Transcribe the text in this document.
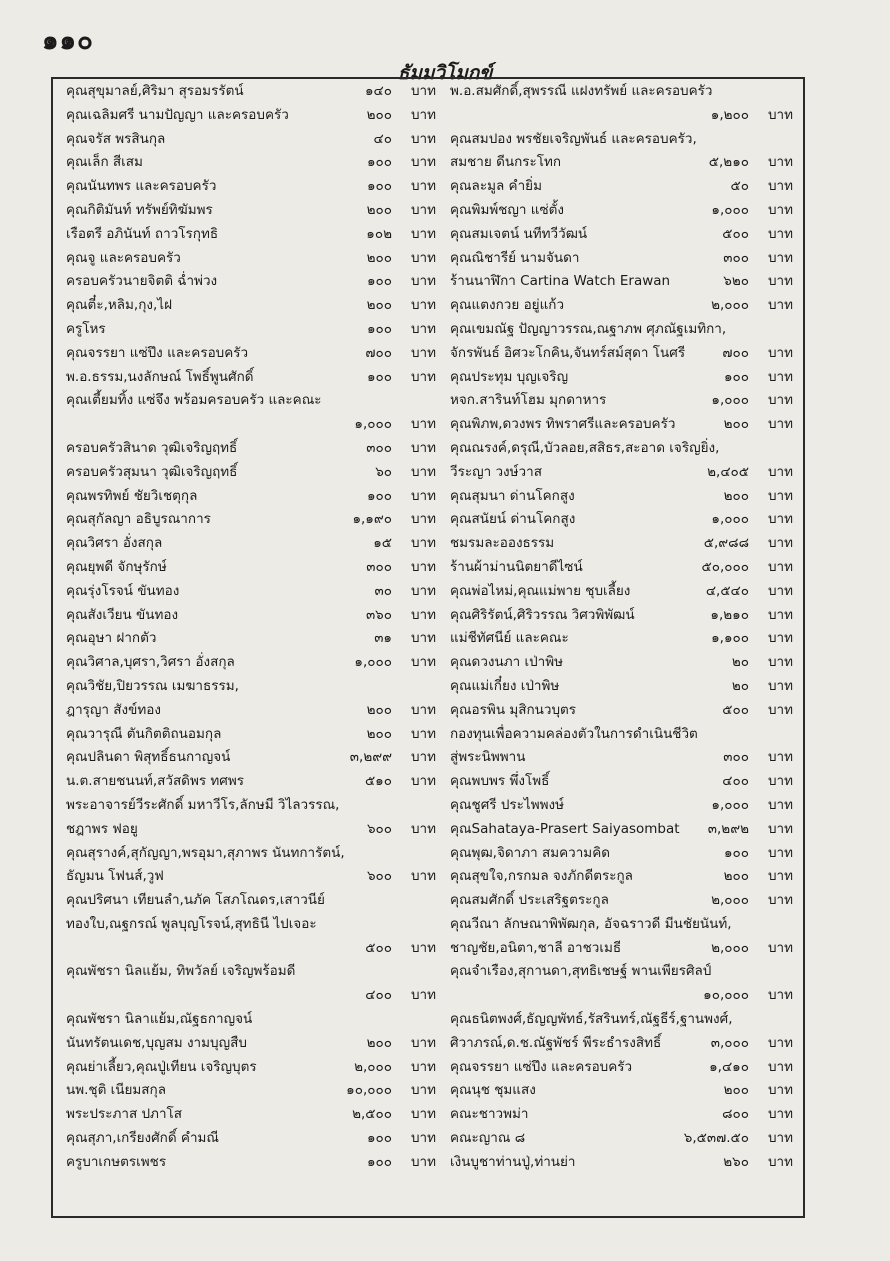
๑๑๐
ธัมมวิโมกข์
คุณสุขุมาลย์,ศิริมา สุรอมรรัตน์	๑๔๐	บาท
คุณเฉลิมศรี นามปัญญา และครอบครัว	๒๐๐	บาท
คุณจรัส พรสินกุล	๔๐	บาท
คุณเล็ก สีเสม	๑๐๐	บาท
คุณนันทพร และครอบครัว	๑๐๐	บาท
คุณกิติมันท์ ทรัพย์ทิฆัมพร	๒๐๐	บาท
เรือตรี อภินันท์ ถาวโรกุทธิ	๑๐๒	บาท
คุณจู และครอบครัว	๒๐๐	บาท
ครอบครัวนายจิตติ ฉ่ำพ่วง	๑๐๐	บาท
คุณตี๋ะ,หลิม,กุง,ไฝ	๒๐๐	บาท
ครูโหร	๑๐๐	บาท
คุณจรรยา แซ่ปึง และครอบครัว	๗๐๐	บาท
พ.อ.ธรรม,นงลักษณ์ โพธิ์พูนศักดิ์	๑๐๐	บาท
คุณเตี้ยมทิ้ง แซ่จึง พร้อมครอบครัว และคณะ
๑,๐๐๐	บาท
ครอบครัวสินาด วุฒิเจริญฤทธิ์	๓๐๐	บาท
ครอบครัวสุมนา วุฒิเจริญฤทธิ์	๖๐	บาท
คุณพรทิพย์ ชัยวิเชตุกุล	๑๐๐	บาท
คุณสุกัลญา อธิบูรณาการ	๑,๑๙๐	บาท
คุณวิศรา อั่งสกุล	๑๕	บาท
คุณยุพดี จักษุรักษ์	๓๐๐	บาท
คุณรุ่งโรจน์ ขันทอง	๓๐	บาท
คุณสังเวียน ขันทอง	๓๖๐	บาท
คุณอุษา ฝากตัว	๓๑	บาท
คุณวิศาล,บุศรา,วิศรา อั่งสกุล	๑,๐๐๐	บาท
คุณวิชัย,ปิยวรรณ เมฆาธรรม,
ฎารุญา สังข์ทอง	๒๐๐	บาท
คุณวารุณี ตันกิตติถนอมกุล	๒๐๐	บาท
คุณปลินดา พิสุทธิ์ธนกาญจน์	๓,๒๙๙	บาท
น.ต.สายชนนท์,สวัสดิพร ทศพร	๕๑๐	บาท
พระอาจารย์วีระศักดิ์ มหาวีโร,ลักษมี วิไลวรรณ,
ชฎาพร ฟอยู	๖๐๐	บาท
คุณสุรางค์,สุกัญญา,พรอุมา,สุภาพร นันทการัตน์,
ธัญมน โฟนส์,วูฟ	๖๐๐	บาท
คุณปริศนา เทียนลำ,นภัค โสภโณดร,เสาวนีย์
ทองใบ,ณฐกรณ์ พูลบุญโรจน์,สุทธินี ไปเจอะ
๕๐๐	บาท
คุณพัชรา นิลแย้ม, ทิพวัลย์ เจริญพร้อมดี
๔๐๐	บาท
คุณพัชรา นิลาแย้ม,ณัฐธกาญจน์
นันทรัตนเดช,บุญสม งามบุญสืบ	๒๐๐	บาท
คุณย่าเลี้ยว,คุณปู่เทียน เจริญบุตร	๒,๐๐๐	บาท
นพ.ชุติ เนียมสกุล	๑๐,๐๐๐	บาท
พระประภาส ปภาโส	๒,๕๐๐	บาท
คุณสุภา,เกรียงศักดิ์ คำมณี	๑๐๐	บาท
ครูบาเกษตรเพชร	๑๐๐	บาท
พ.อ.สมศักดิ์,สุพรรณี แฝงทรัพย์ และครอบครัว
๑,๒๐๐	บาท
คุณสมปอง พรชัยเจริญพันธ์ และครอบครัว,
สมชาย ดีนกระโทก	๕,๒๑๐	บาท
คุณละมูล คำยิ่ม	๕๐	บาท
คุณพิมพ์ชญา แซ่ตั้ง	๑,๐๐๐	บาท
คุณสมเจตน์ นทีทวีวัฒน์	๕๐๐	บาท
คุณณิชารีย์ นามจันดา	๓๐๐	บาท
ร้านนาฬิกา Cartina Watch Erawan	๖๒๐	บาท
คุณแตงกวย อยู่แก้ว	๒,๐๐๐	บาท
คุณเขมณัฐ ปัญญาวรรณ,ณฐาภพ ศุภณัฐเมทิกา,
จักรพันธ์ อิศวะโกคิน,จันทร์สม์สุดา โนศรี	๗๐๐	บาท
คุณประทุม บุญเจริญ	๑๐๐	บาท
หจก.สารินท์โฮม มุกดาหาร	๑,๐๐๐	บาท
คุณพิภพ,ดวงพร ทิพราศรีและครอบครัว	๒๐๐	บาท
คุณณรงค์,ดรุณี,บัวลอย,สสิธร,สะอาด เจริญยิ่ง,
วีระญา วงษ์วาส	๒,๔๐๕	บาท
คุณสุมนา ด่านโคกสูง	๒๐๐	บาท
คุณสนัยน์ ด่านโคกสูง	๑,๐๐๐	บาท
ชมรมละอองธรรม	๕,๙๘๘	บาท
ร้านผ้าม่านนิตยาดีไซน์	๕๐,๐๐๐	บาท
คุณพ่อไหม่,คุณแม่พาย ชุบเลี้ยง	๔,๕๔๐	บาท
คุณศิริรัตน์,ศิริวรรณ วิศวพิพัฒน์	๑,๒๑๐	บาท
แม่ชีทัศนีย์ และคณะ	๑,๑๐๐	บาท
คุณดวงนภา เป่าพิษ	๒๐	บาท
คุณแม่เกี๋ยง เป่าพิษ	๒๐	บาท
คุณอรพิน มุสิกนวบุตร	๕๐๐	บาท
กองทุนเพื่อความคล่องตัวในการดำเนินชีวิต
สู่พระนิพพาน	๓๐๐	บาท
คุณพบพร พึ่งโพธิ์	๔๐๐	บาท
คุณชูศรี ประไพพงษ์	๑,๐๐๐	บาท
คุณSahataya-Prasert Saiyasombat ๓,๒๙๒	บาท
คุณพุฒ,จิดาภา สมความคิด	๑๐๐	บาท
คุณสุขใจ,กรกมล จงภักดีตระกูล	๒๐๐	บาท
คุณสมศักดิ์ ประเสริฐตระกูล	๒,๐๐๐	บาท
คุณวีณา ลักษณาพิพัฒกุล, อัจฉราวดี มีนชัยนันท์,
ชาญชัย,อนิตา,ชาลี อาชวเมธี	๒,๐๐๐	บาท
คุณจำเรือง,สุกานดา,สุทธิเชษฐ์ พานเพียรศิลป์
๑๐,๐๐๐	บาท
คุณธนิตพงศ์,ธัญญพัทธ์,รัสรินทร์,ณัฐธีร์,ฐานพงศ์,
ศิวาภรณ์,ด.ช.ณัฐพัชร์ พีระธำรงสิทธิ์	๓,๐๐๐	บาท
คุณจรรยา แซ่ปึง และครอบครัว	๑,๔๑๐	บาท
คุณนุช ชุมแสง	๒๐๐	บาท
คณะชาวพม่า	๘๐๐	บาท
คณะญาณ ๘	๖,๕๓๗.๕๐	บาท
เงินบูชาท่านปู่,ท่านย่า	๒๖๐	บาท
